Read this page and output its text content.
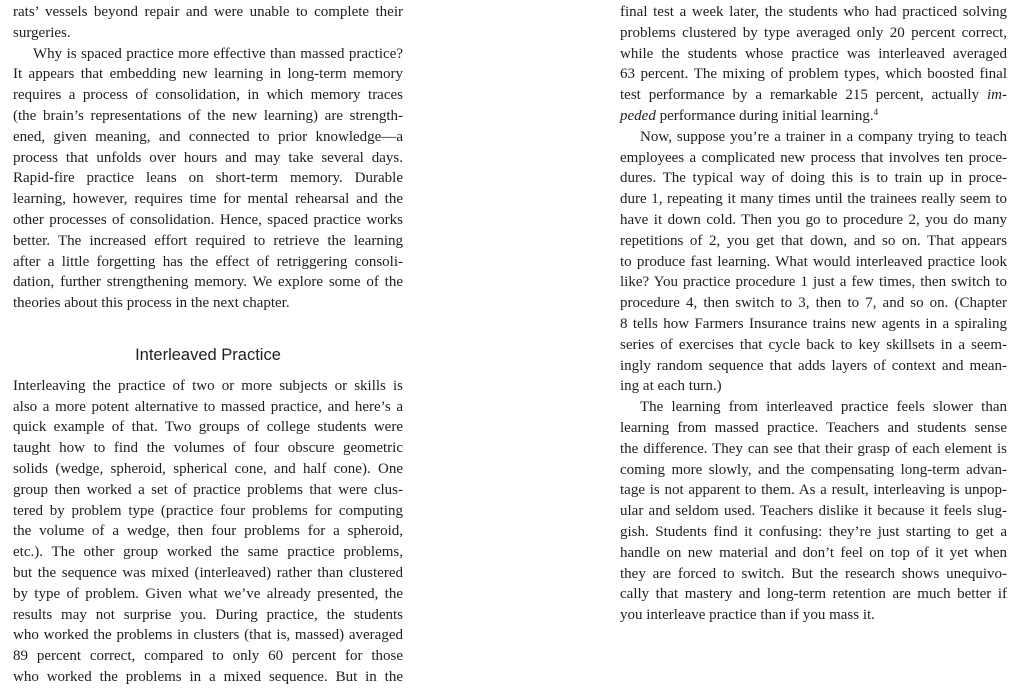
rats’ vessels beyond repair and were unable to complete their
surgeries.
Why is spaced practice more effective than massed practice?
It appears that embedding new learning in long-term memory
requires a process of consolidation, in which memory traces
(the brain’s representations of the new learning) are strength-
ened, given meaning, and connected to prior knowledge—a
process that unfolds over hours and may take several days.
Rapid-fire practice leans on short-term memory. Durable
learning, however, requires time for mental rehearsal and the
other processes of consolidation. Hence, spaced practice works
better. The increased effort required to retrieve the learning
after a little forgetting has the effect of retriggering consoli-
dation, further strengthening memory. We explore some of the
theories about this process in the next chapter.
Interleaved Practice
Interleaving the practice of two or more subjects or skills is
also a more potent alternative to massed practice, and here’s a
quick example of that. Two groups of college students were
taught how to find the volumes of four obscure geometric
solids (wedge, spheroid, spherical cone, and half cone). One
group then worked a set of practice problems that were clus-
tered by problem type (practice four problems for computing
the volume of a wedge, then four problems for a spheroid,
etc.). The other group worked the same practice problems,
but the sequence was mixed (interleaved) rather than clustered
by type of problem. Given what we’ve already presented, the
results may not surprise you. During practice, the students
who worked the problems in clusters (that is, massed) averaged
89 percent correct, compared to only 60 percent for those
who worked the problems in a mixed sequence. But in the
final test a week later, the students who had practiced solving
problems clustered by type averaged only 20 percent correct,
while the students whose practice was interleaved averaged
63 percent. The mixing of problem types, which boosted final
test performance by a remarkable 215 percent, actually im-
peded performance during initial learning.$^4$
Now, suppose you’re a trainer in a company trying to teach
employees a complicated new process that involves ten proce-
dures. The typical way of doing this is to train up in proce-
dure 1, repeating it many times until the trainees really seem to
have it down cold. Then you go to procedure 2, you do many
repetitions of 2, you get that down, and so on. That appears
to produce fast learning. What would interleaved practice look
like? You practice procedure 1 just a few times, then switch to
procedure 4, then switch to 3, then to 7, and so on. (Chapter
8 tells how Farmers Insurance trains new agents in a spiraling
series of exercises that cycle back to key skillsets in a seem-
ingly random sequence that adds layers of context and mean-
ing at each turn.)
The learning from interleaved practice feels slower than
learning from massed practice. Teachers and students sense
the difference. They can see that their grasp of each element is
coming more slowly, and the compensating long-term advan-
tage is not apparent to them. As a result, interleaving is unpop-
ular and seldom used. Teachers dislike it because it feels slug-
gish. Students find it confusing: they’re just starting to get a
handle on new material and don’t feel on top of it yet when
they are forced to switch. But the research shows unequivo-
cally that mastery and long-term retention are much better if
you interleave practice than if you mass it.
